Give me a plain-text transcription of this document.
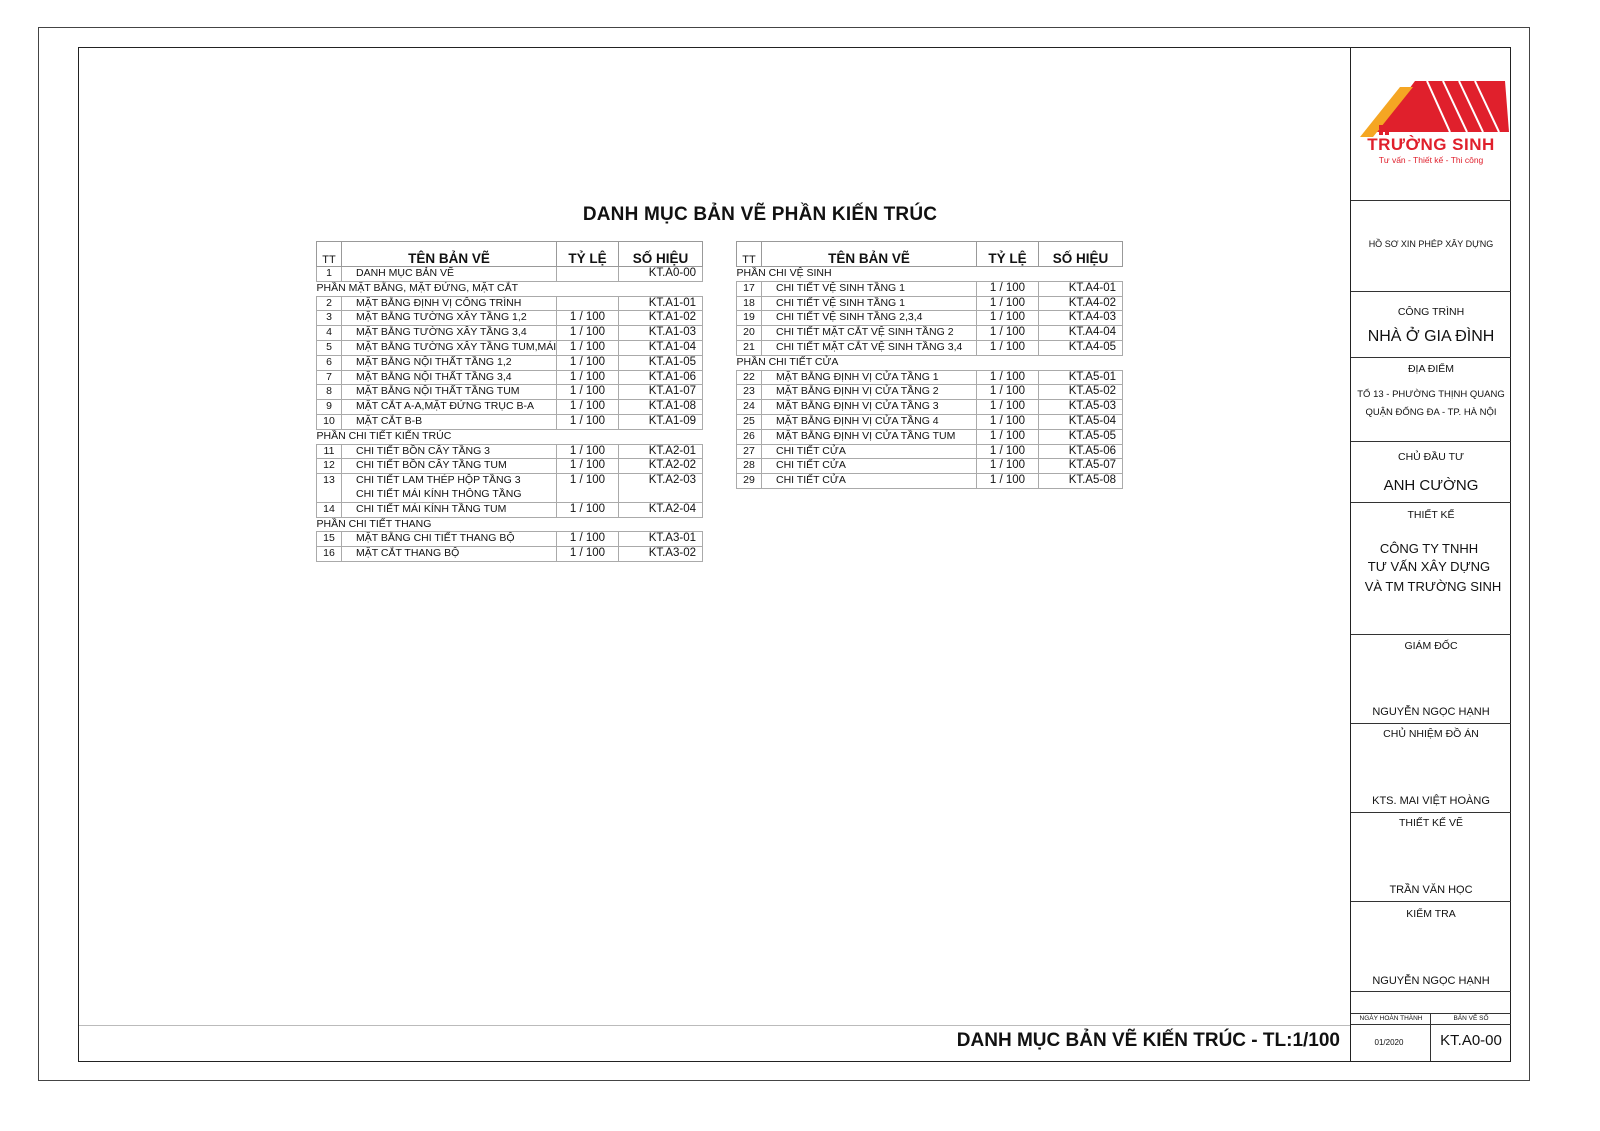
DANH MỤC BẢN VẼ PHẦN KIẾN TRÚC
TT	TÊN BẢN VẼ	TỶ LỆ	SỐ HIỆU
1	DANH MỤC BẢN VẼ		KT.A0-00
PHẦN MẶT BẰNG, MẶT ĐỨNG, MẶT CẮT			
2	MẶT BẰNG ĐỊNH VỊ CÔNG TRÌNH		KT.A1-01
3	MẶT BẰNG TƯỜNG XÂY TẦNG 1,2	1 / 100	KT.A1-02
4	MẶT BẰNG TƯỜNG XÂY TẦNG 3,4	1 / 100	KT.A1-03
5	MẶT BẰNG TƯỜNG XÂY TẦNG TUM,MÁI	1 / 100	KT.A1-04
6	MẶT BẰNG NỘI THẤT TẦNG 1,2	1 / 100	KT.A1-05
7	MẶT BẰNG NỘI THẤT TẦNG 3,4	1 / 100	KT.A1-06
8	MẶT BẰNG NỘI THẤT TẦNG TUM	1 / 100	KT.A1-07
9	MẶT CẮT A-A,MẶT ĐỨNG TRỤC B-A	1 / 100	KT.A1-08
10	MẶT CẮT B-B	1 / 100	KT.A1-09
PHẦN CHI TIẾT KIẾN TRÚC			
11	CHI TIẾT BỒN CÂY TẦNG 3	1 / 100	KT.A2-01
12	CHI TIẾT BỒN CÂY TẦNG TUM	1 / 100	KT.A2-02
13	CHI TIẾT LAM THÉP HỘP TẦNG 3	1 / 100	KT.A2-03
	CHI TIẾT MÁI KÍNH THÔNG TẦNG		
14	CHI TIẾT MÁI KÍNH TẦNG TUM	1 / 100	KT.A2-04
PHẦN CHI TIẾT THANG			
15	MẶT BẰNG CHI TIẾT THANG BỘ	1 / 100	KT.A3-01
16	MẶT CẮT THANG BỘ	1 / 100	KT.A3-02
TT	TÊN BẢN VẼ	TỶ LỆ	SỐ HIỆU
PHẦN CHI VỆ SINH			
17	CHI TIẾT VỆ SINH TẦNG 1	1 / 100	KT.A4-01
18	CHI TIẾT VỆ SINH TẦNG 1	1 / 100	KT.A4-02
19	CHI TIẾT VỆ SINH TẦNG 2,3,4	1 / 100	KT.A4-03
20	CHI TIẾT MẶT CẮT VỆ SINH TẦNG 2	1 / 100	KT.A4-04
21	CHI TIẾT MẶT CẮT VỆ SINH TẦNG 3,4	1 / 100	KT.A4-05
PHẦN CHI TIẾT CỬA			
22	MẶT BẰNG ĐỊNH VỊ CỬA TẦNG 1	1 / 100	KT.A5-01
23	MẶT BẰNG ĐỊNH VỊ CỬA TẦNG 2	1 / 100	KT.A5-02
24	MẶT BẰNG ĐỊNH VỊ CỬA TẦNG 3	1 / 100	KT.A5-03
25	MẶT BẰNG ĐỊNH VỊ CỬA TẦNG 4	1 / 100	KT.A5-04
26	MẶT BẰNG ĐỊNH VỊ CỬA TẦNG TUM	1 / 100	KT.A5-05
27	CHI TIẾT CỬA	1 / 100	KT.A5-06
28	CHI TIẾT CỬA	1 / 100	KT.A5-07
29	CHI TIẾT CỬA	1 / 100	KT.A5-08
DANH MỤC BẢN VẼ KIẾN TRÚC - TL:1/100
TRƯỜNG SINH
Tư vấn - Thiết kế - Thi công
HỒ SƠ XIN PHÉP XÂY DỰNG
CÔNG TRÌNH
NHÀ Ở GIA ĐÌNH
ĐỊA ĐIỂM
TỔ 13 - PHƯỜNG THỊNH QUANG
QUẬN ĐỐNG ĐA - TP. HÀ NỘI
CHỦ ĐẦU TƯ
ANH CƯỜNG
THIẾT KẾ
CÔNG TY TNHH
TƯ VẤN XÂY DỰNG
VÀ TM TRƯỜNG SINH
GIÁM ĐỐC
NGUYỄN NGỌC HẠNH
CHỦ NHIỆM ĐỒ ÁN
KTS. MAI VIỆT HOÀNG
THIẾT KẾ VẼ
TRẦN VĂN HỌC
KIỂM TRA
NGUYỄN NGỌC HẠNH
NGÀY HOÀN THÀNH
01/2020
BẢN VẼ SỐ
KT.A0-00
